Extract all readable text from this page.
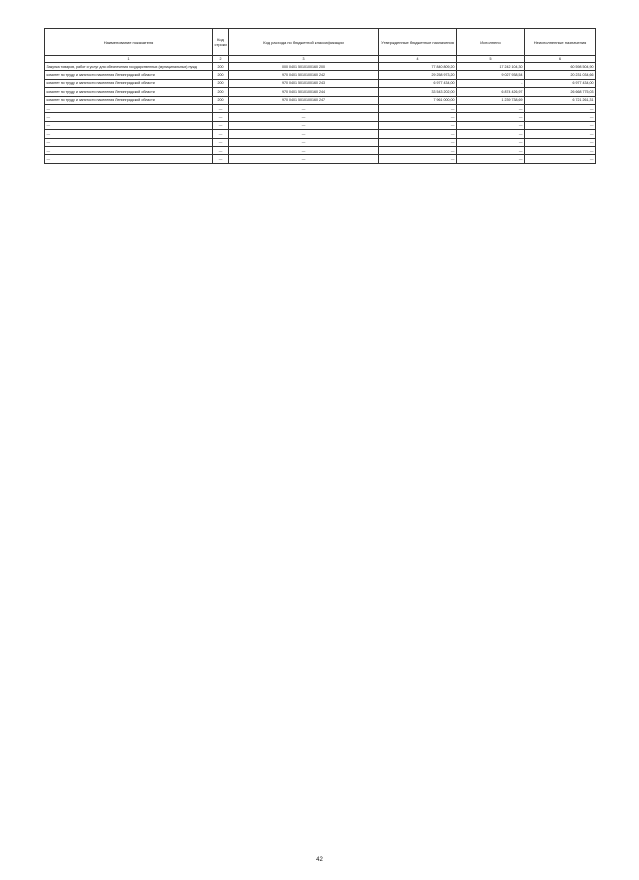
Наименование показателя	Код строки	Код расхода по бюджетной классификации	Утвержденные бюджетные назначения	Исполнено	Неисполненные назначения
1	2	3	4	5	6
Закупка товаров, работ и услуг для обеспечения государственных (муниципальных) нужд	200	000 0401 5010100160 200	77 840 809,20	17 242 104,30	60 598 504,90
комитет по труду и занятости населения Ленинградской области	200	970 0401 5010100160 242	29 258 973,20	9 027 938,54	20 231 034,66
комитет по труду и занятости населения Ленинградской области	200	970 0401 5010100160 243	6 977 434,00	-	6 977 434,00
комитет по труду и занятости населения Ленинградской области	200	970 0401 5010100160 244	33 543 202,00	6 874 426,97	26 668 775,03
комитет по труду и занятости населения Ленинградской области	200	970 0401 5010100160 247	7 961 000,00	1 239 738,69	6 721 261,31
—	—	—	—	—	—
—	—	—	—	—	—
—	—	—	—	—	—
—	—	—	—	—	—
—	—	—	—	—	—
—	—	—	—	—	—
—	—	—	—	—	—
42
